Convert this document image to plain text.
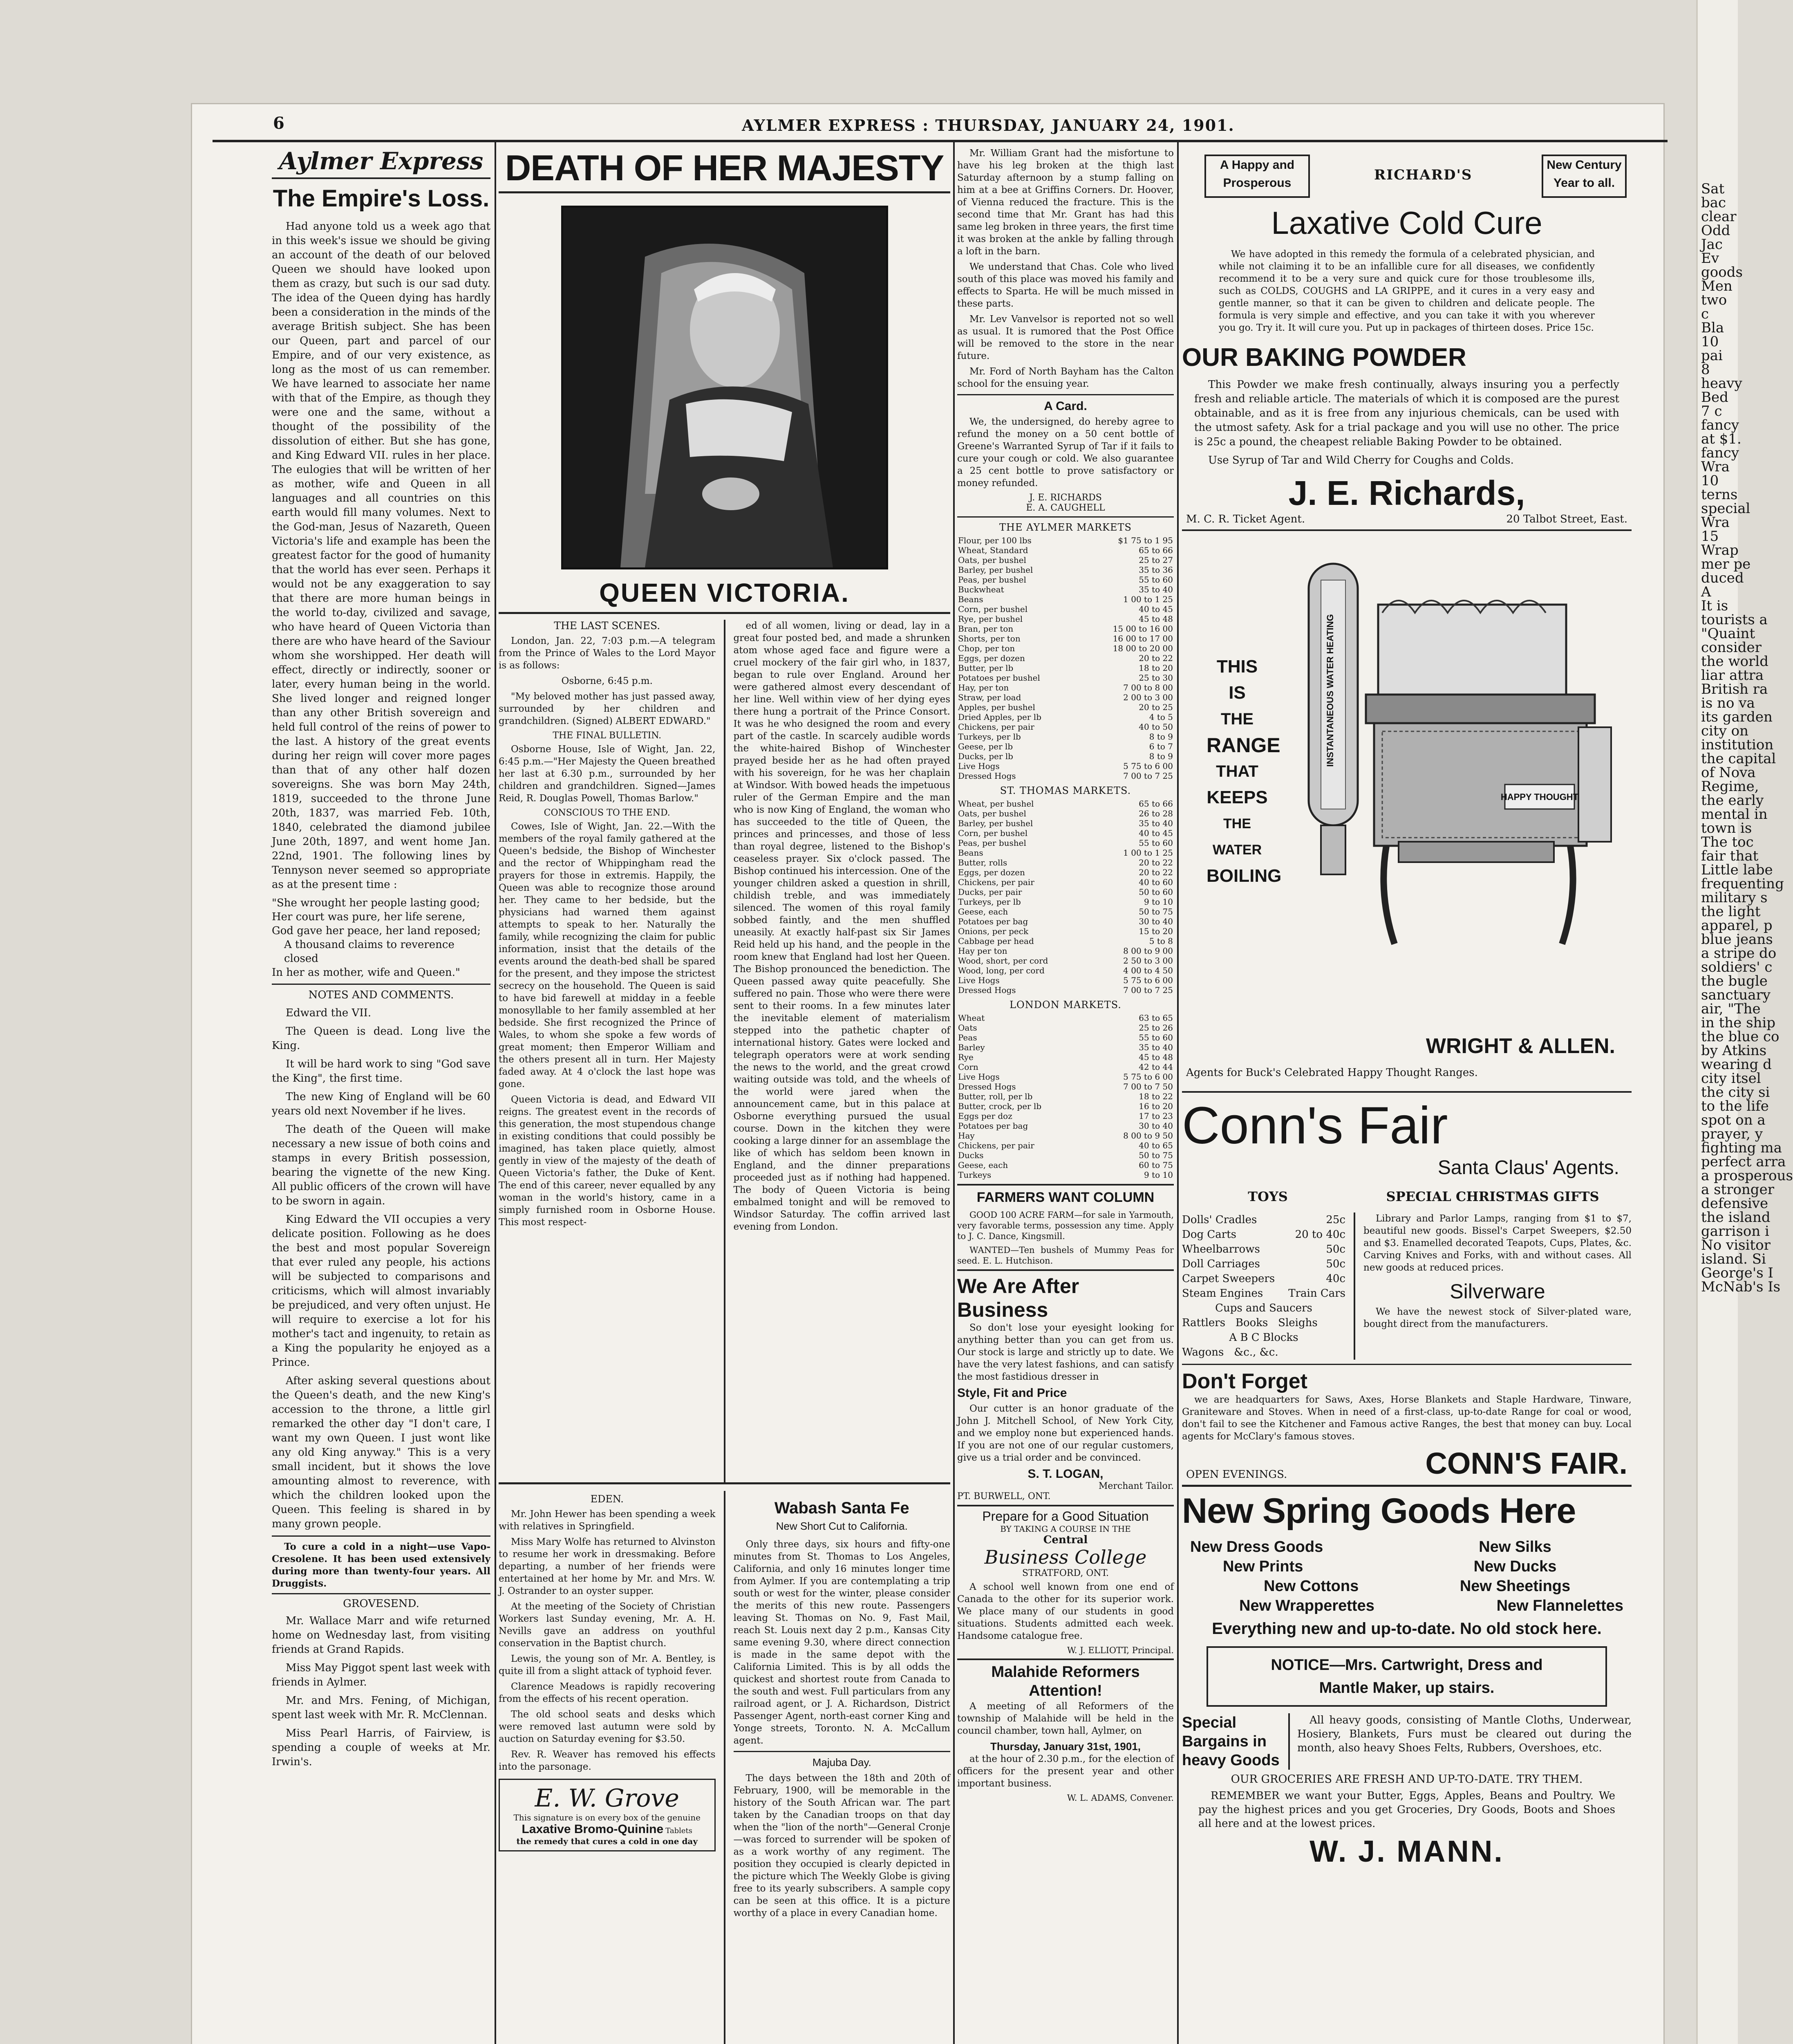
6	AYLMER EXPRESS : THURSDAY, JANUARY 24, 1901.
Aylmer Express
The Empire's Loss.

Had anyone told us a week ago that in this week's issue we should be giving an account of the death of our beloved Queen we should have looked upon them as crazy, but such is our sad duty. The idea of the Queen dying has hardly been a consideration in the minds of the average British subject. She has been our Queen, part and parcel of our Empire, and of our very existence, as long as the most of us can remember. We have learned to associate her name with that of the Empire, as though they were one and the same, without a thought of the possibility of the dissolution of either. But she has gone, and King Edward VII. rules in her place. The eulogies that will be written of her as mother, wife and Queen in all languages and all countries on this earth would fill many volumes. Next to the God-man, Jesus of Nazareth, Queen Victoria's life and example has been the greatest factor for the good of humanity that the world has ever seen. Perhaps it would not be any exaggeration to say that there are more human beings in the world to-day, civilized and savage, who have heard of Queen Victoria than there are who have heard of the Saviour whom she worshipped. Her death will effect, directly or indirectly, sooner or later, every human being in the world. She lived longer and reigned longer than any other British sovereign and held full control of the reins of power to the last. A history of the great events during her reign will cover more pages than that of any other half dozen sovereigns. She was born May 24th, 1819, succeeded to the throne June 20th, 1837, was married Feb. 10th, 1840, celebrated the diamond jubilee June 20th, 1897, and went home Jan. 22nd, 1901. The following lines by Tennyson never seemed so appropriate as at the present time :

"She wrought her people lasting good;
Her court was pure, her life serene,
God gave her peace, her land reposed;
A thousand claims to reverence closed
In her as mother, wife and Queen."
NOTES AND COMMENTS.

Edward the VII.

The Queen is dead. Long live the King.

It will be hard work to sing "God save the King", the first time.

The new King of England will be 60 years old next November if he lives.

The death of the Queen will make necessary a new issue of both coins and stamps in every British possession, bearing the vignette of the new King. All public officers of the crown will have to be sworn in again.

King Edward the VII occupies a very delicate position. Following as he does the best and most popular Sovereign that ever ruled any people, his actions will be subjected to comparisons and criticisms, which will almost invariably be prejudiced, and very often unjust. He will require to exercise a lot for his mother's tact and ingenuity, to retain as a King the popularity he enjoyed as a Prince.

After asking several questions about the Queen's death, and the new King's accession to the throne, a little girl remarked the other day "I don't care, I want my own Queen. I just wont like any old King anyway." This is a very small incident, but it shows the love amounting almost to reverence, with which the children looked upon the Queen. This feeling is shared in by many grown people.

To cure a cold in a night—use Vapo-Cresolene. It has been used extensively during more than twenty-four years. All Druggists.

GROVESEND.

Mr. Wallace Marr and wife returned home on Wednesday last, from visiting friends at Grand Rapids.

Miss May Piggot spent last week with friends in Aylmer.

Mr. and Mrs. Fening, of Michigan, spent last week with Mr. R. McClennan.

Miss Pearl Harris, of Fairview, is spending a couple of weeks at Mr. Irwin's.

DEATH OF HER MAJESTY
QUEEN VICTORIA.
THE LAST SCENES.

London, Jan. 22, 7:03 p.m.—A telegram from the Prince of Wales to the Lord Mayor is as follows:

Osborne, 6:45 p.m.

"My beloved mother has just passed away, surrounded by her children and grandchildren. (Signed) ALBERT EDWARD."

THE FINAL BULLETIN.

Osborne House, Isle of Wight, Jan. 22, 6:45 p.m.—"Her Majesty the Queen breathed her last at 6.30 p.m., surrounded by her children and grandchildren. Signed—James Reid, R. Douglas Powell, Thomas Barlow."

CONSCIOUS TO THE END.

Cowes, Isle of Wight, Jan. 22.—With the members of the royal family gathered at the Queen's bedside, the Bishop of Winchester and the rector of Whippingham read the prayers for those in extremis. Happily, the Queen was able to recognize those around her. They came to her bedside, but the physicians had warned them against attempts to speak to her. Naturally the family, while recognizing the claim for public information, insist that the details of the events around the death-bed shall be spared for the present, and they impose the strictest secrecy on the household. The Queen is said to have bid farewell at midday in a feeble monosyllable to her family assembled at her bedside. She first recognized the Prince of Wales, to whom she spoke a few words of great moment; then Emperor William and the others present all in turn. Her Majesty faded away. At 4 o'clock the last hope was gone.

Queen Victoria is dead, and Edward VII reigns. The greatest event in the records of this generation, the most stupendous change in existing conditions that could possibly be imagined, has taken place quietly, almost gently in view of the majesty of the death of Queen Victoria's father, the Duke of Kent. The end of this career, never equalled by any woman in the world's history, came in a simply furnished room in Osborne House. This most respect-

ed of all women, living or dead, lay in a great four posted bed, and made a shrunken atom whose aged face and figure were a cruel mockery of the fair girl who, in 1837, began to rule over England. Around her were gathered almost every descendant of her line. Well within view of her dying eyes there hung a portrait of the Prince Consort. It was he who designed the room and every part of the castle. In scarcely audible words the white-haired Bishop of Winchester prayed beside her as he had often prayed with his sovereign, for he was her chaplain at Windsor. With bowed heads the impetuous ruler of the German Empire and the man who is now King of England, the woman who has succeeded to the title of Queen, the princes and princesses, and those of less than royal degree, listened to the Bishop's ceaseless prayer. Six o'clock passed. The Bishop continued his intercession. One of the younger children asked a question in shrill, childish treble, and was immediately silenced. The women of this royal family sobbed faintly, and the men shuffled uneasily. At exactly half-past six Sir James Reid held up his hand, and the people in the room knew that England had lost her Queen. The Bishop pronounced the benediction. The Queen passed away quite peacefully. She suffered no pain. Those who were there were sent to their rooms. In a few minutes later the inevitable element of materialism stepped into the pathetic chapter of international history. Gates were locked and telegraph operators were at work sending the news to the world, and the great crowd waiting outside was told, and the wheels of the world were jared when the announcement came, but in this palace at Osborne everything pursued the usual course. Down in the kitchen they were cooking a large dinner for an assemblage the like of which has seldom been known in England, and the dinner preparations proceeded just as if nothing had happened. The body of Queen Victoria is being embalmed tonight and will be removed to Windsor Saturday. The coffin arrived last evening from London.

EDEN.

Mr. John Hewer has been spending a week with relatives in Springfield.

Miss Mary Wolfe has returned to Alvinston to resume her work in dressmaking. Before departing, a number of her friends were entertained at her home by Mr. and Mrs. W. J. Ostrander to an oyster supper.

At the meeting of the Society of Christian Workers last Sunday evening, Mr. A. H. Nevills gave an address on youthful conservation in the Baptist church.

Lewis, the young son of Mr. A. Bentley, is quite ill from a slight attack of typhoid fever.

Clarence Meadows is rapidly recovering from the effects of his recent operation.

The old school seats and desks which were removed last autumn were sold by auction on Saturday evening for $3.50.

Rev. R. Weaver has removed his effects into the parsonage.

E. W. Grove
This signature is on every box of the genuine
Laxative Bromo-Quinine Tablets
the remedy that cures a cold in one day
Wabash Santa Fe
New Short Cut to California.

Only three days, six hours and fifty-one minutes from St. Thomas to Los Angeles, California, and only 16 minutes longer time from Aylmer. If you are contemplating a trip south or west for the winter, please consider the merits of this new route. Passengers leaving St. Thomas on No. 9, Fast Mail, reach St. Louis next day 2 p.m., Kansas City same evening 9.30, where direct connection is made in the same depot with the California Limited. This is by all odds the quickest and shortest route from Canada to the south and west. Full particulars from any railroad agent, or J. A. Richardson, District Passenger Agent, north-east corner King and Yonge streets, Toronto. N. A. McCallum agent.

Majuba Day.

The days between the 18th and 20th of February, 1900, will be memorable in the history of the South African war. The part taken by the Canadian troops on that day when the "lion of the north"—General Cronje—was forced to surrender will be spoken of as a work worthy of any regiment. The position they occupied is clearly depicted in the picture which The Weekly Globe is giving free to its yearly subscribers. A sample copy can be seen at this office. It is a picture worthy of a place in every Canadian home.

Mr. William Grant had the misfortune to have his leg broken at the thigh last Saturday afternoon by a stump falling on him at a bee at Griffins Corners. Dr. Hoover, of Vienna reduced the fracture. This is the second time that Mr. Grant has had this same leg broken in three years, the first time it was broken at the ankle by falling through a loft in the barn.

We understand that Chas. Cole who lived south of this place was moved his family and effects to Sparta. He will be much missed in these parts.

Mr. Lev Vanvelsor is reported not so well as usual. It is rumored that the Post Office will be removed to the store in the near future.

Mr. Ford of North Bayham has the Calton school for the ensuing year.

A Card.

We, the undersigned, do hereby agree to refund the money on a 50 cent bottle of Greene's Warranted Syrup of Tar if it fails to cure your cough or cold. We also guarantee a 25 cent bottle to prove satisfactory or money refunded.

J. E. RICHARDS
E. A. CAUGHELL
THE AYLMER MARKETS
Flour, per 100 lbs	$1 75 to 1 95
Wheat, Standard	65 to 66
Oats, per bushel	25 to 27
Barley, per bushel	35 to 36
Peas, per bushel	55 to 60
Buckwheat	35 to 40
Beans	1 00 to 1 25
Corn, per bushel	40 to 45
Rye, per bushel	45 to 48
Bran, per ton	15 00 to 16 00
Shorts, per ton	16 00 to 17 00
Chop, per ton	18 00 to 20 00
Eggs, per dozen	20 to 22
Butter, per lb	18 to 20
Potatoes per bushel	25 to 30
Hay, per ton	7 00 to 8 00
Straw, per load	2 00 to 3 00
Apples, per bushel	20 to 25
Dried Apples, per lb	4 to 5
Chickens, per pair	40 to 50
Turkeys, per lb	8 to 9
Geese, per lb	6 to 7
Ducks, per lb	8 to 9
Live Hogs	5 75 to 6 00
Dressed Hogs	7 00 to 7 25
ST. THOMAS MARKETS.
Wheat, per bushel	65 to 66
Oats, per bushel	26 to 28
Barley, per bushel	35 to 40
Corn, per bushel	40 to 45
Peas, per bushel	55 to 60
Beans	1 00 to 1 25
Butter, rolls	20 to 22
Eggs, per dozen	20 to 22
Chickens, per pair	40 to 60
Ducks, per pair	50 to 60
Turkeys, per lb	9 to 10
Geese, each	50 to 75
Potatoes per bag	30 to 40
Onions, per peck	15 to 20
Cabbage per head	5 to 8
Hay per ton	8 00 to 9 00
Wood, short, per cord	2 50 to 3 00
Wood, long, per cord	4 00 to 4 50
Live Hogs	5 75 to 6 00
Dressed Hogs	7 00 to 7 25
LONDON MARKETS.
Wheat	63 to 65
Oats	25 to 26
Peas	55 to 60
Barley	35 to 40
Rye	45 to 48
Corn	42 to 44
Live Hogs	5 75 to 6 00
Dressed Hogs	7 00 to 7 50
Butter, roll, per lb	18 to 22
Butter, crock, per lb	16 to 20
Eggs per doz	17 to 23
Potatoes per bag	30 to 40
Hay	8 00 to 9 50
Chickens, per pair	40 to 65
Ducks	50 to 75
Geese, each	60 to 75
Turkeys	9 to 10
FARMERS WANT COLUMN

GOOD 100 ACRE FARM—for sale in Yarmouth, very favorable terms, possession any time. Apply to J. C. Dance, Kingsmill.

WANTED—Ten bushels of Mummy Peas for seed. E. L. Hutchison.

We Are After Business

So don't lose your eyesight looking for anything better than you can get from us. Our stock is large and strictly up to date. We have the very latest fashions, and can satisfy the most fastidious dresser in

Style, Fit and Price

Our cutter is an honor graduate of the John J. Mitchell School, of New York City, and we employ none but experienced hands. If you are not one of our regular customers, give us a trial order and be convinced.

S. T. LOGAN,
Merchant Tailor.
PT. BURWELL, ONT.
Prepare for a Good Situation
BY TAKING A COURSE IN THE
Central
Business College
STRATFORD, ONT.

A school well known from one end of Canada to the other for its superior work. We place many of our students in good situations. Students admitted each week. Handsome catalogue free.

W. J. ELLIOTT, Principal.
Malahide Reformers Attention!

A meeting of all Reformers of the township of Malahide will be held in the council chamber, town hall, Aylmer, on

Thursday, January 31st, 1901,

at the hour of 2.30 p.m., for the election of officers for the present year and other important business.

W. L. ADAMS, Convener.
A Happy and Prosperous	RICHARD'S
New Century Year to all.
Laxative Cold Cure

We have adopted in this remedy the formula of a celebrated physician, and while not claiming it to be an infallible cure for all diseases, we confidently recommend it to be a very sure and quick cure for those troublesome ills, such as COLDS, COUGHS and LA GRIPPE, and it cures in a very easy and gentle manner, so that it can be given to children and delicate people. The formula is very simple and effective, and you can take it with you wherever you go. Try it. It will cure you. Put up in packages of thirteen doses. Price 15c.

OUR BAKING POWDER

This Powder we make fresh continually, always insuring you a perfectly fresh and reliable article. The materials of which it is composed are the purest obtainable, and as it is free from any injurious chemicals, can be used with the utmost safety. Ask for a trial package and you will use no other. The price is 25c a pound, the cheapest reliable Baking Powder to be obtained.

Use Syrup of Tar and Wild Cherry for Coughs and Colds.

J. E. Richards,
M. C. R. Ticket Agent.	20 Talbot Street, East.
THIS IS
THE
RANGE
THAT
KEEPS
THE WATER
BOILING
INSTANTANEOUS WATER HEATING
HAPPY THOUGHT
WRIGHT & ALLEN.
Agents for Buck's Celebrated Happy Thought Ranges.
Conn's Fair
Santa Claus' Agents.
TOYS	SPECIAL CHRISTMAS GIFTS
Dolls' Cradles	25c
Dog Carts	20 to 40c
Wheelbarrows	50c
Doll Carriages	50c
Carpet Sweepers	40c
Steam Engines Train Cars
Cups and Saucers
Rattlers   Books   Sleighs
A B C Blocks
Wagons   &c., &c.

Library and Parlor Lamps, ranging from $1 to $7, beautiful new goods. Bissel's Carpet Sweepers, $2.50 and $3. Enamelled decorated Teapots, Cups, Plates, &c. Carving Knives and Forks, with and without cases. All new goods at reduced prices.

Silverware

We have the newest stock of Silver-plated ware, bought direct from the manufacturers.

Don't Forget

we are headquarters for Saws, Axes, Horse Blankets and Staple Hardware, Tinware, Graniteware and Stoves. When in need of a first-class, up-to-date Range for coal or wood, don't fail to see the Kitchener and Famous active Ranges, the best that money can buy. Local agents for McClary's famous stoves.

OPEN EVENINGS.	CONN'S FAIR.
New Spring Goods Here
New Dress Goods	New Silks
New Prints	New Ducks
New Cottons	New Sheetings
New Wrapperettes	New Flannelettes
Everything new and up-to-date. No old stock here.
NOTICE—Mrs. Cartwright, Dress and
Mantle Maker, up stairs.
Special Bargains in heavy Goods

All heavy goods, consisting of Mantle Cloths, Underwear, Hosiery, Blankets, Furs must be cleared out during the month, also heavy Shoes Felts, Rubbers, Overshoes, etc.

OUR GROCERIES ARE FRESH AND UP-TO-DATE. TRY THEM.

REMEMBER we want your Butter, Eggs, Apples, Beans and Poultry. We pay the highest prices and you get Groceries, Dry Goods, Boots and Shoes all here and at the lowest prices.

W. J. MANN.
Sat
bac
clear
Odd
Jac
Ev
goods
Men
two
c
Bla
10
pai
8
heavy
Bed
7 c
fancy
at $1.
fancy
Wra
10
terns
special
Wra
15
Wrap
mer pe
duced
A
It is
tourists a
"Quaint
consider
the world
liar attra
British ra
is no va
its garden
city on
institution
the capital
of Nova
Regime,
the early
mental in
town is
The toc
fair that
Little labe
frequenting
military s
the light
apparel, p
blue jeans
a stripe do
soldiers' c
the bugle
sanctuary
air, "The
in the ship
the blue co
by Atkins
wearing d
city itsel
the city si
to the life
spot on a
prayer, y
fighting ma
perfect arra
a prosperous
a stronger
defensive
the island
garrison i
No visitor
island. Si
George's I
McNab's Is
